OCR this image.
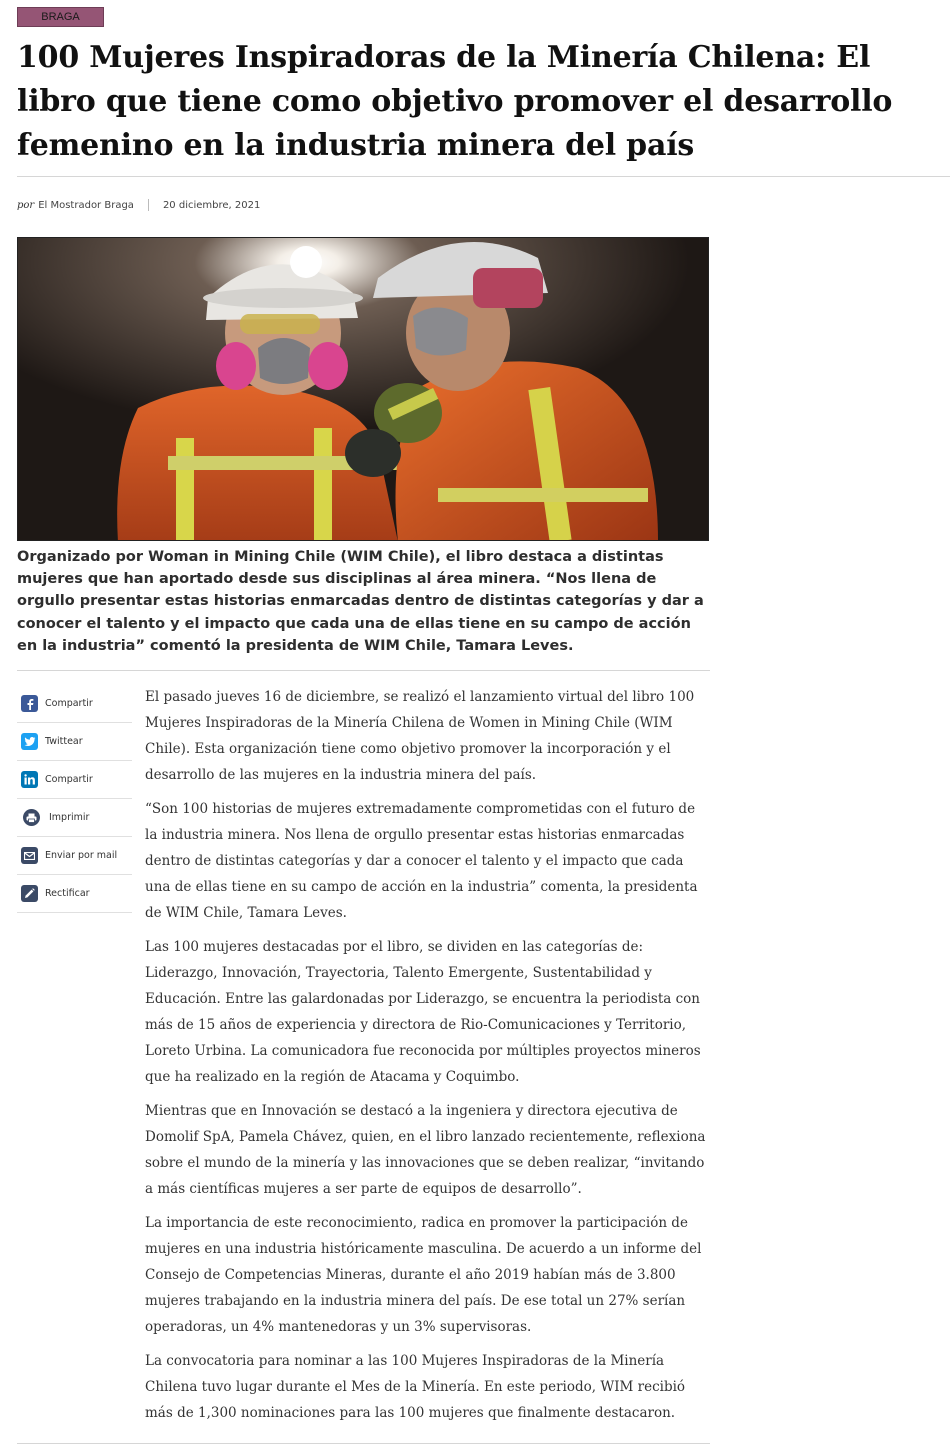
BRAGA
100 Mujeres Inspiradoras de la Minería Chilena: El libro que tiene como objetivo promover el desarrollo femenino en la industria minera del país
por El Mostrador Braga	20 diciembre, 2021

Organizado por Woman in Mining Chile (WIM Chile), el libro destaca a distintas mujeres que han aportado desde sus disciplinas al área minera. “Nos llena de orgullo presentar estas historias enmarcadas dentro de distintas categorías y dar a conocer el talento y el impacto que cada una de ellas tiene en su campo de acción en la industria” comentó la presidenta de WIM Chile, Tamara Leves.

Compartir
Twittear
Compartir
Imprimir
Enviar por mail
Rectificar

El pasado jueves 16 de diciembre, se realizó el lanzamiento virtual del libro 100 Mujeres Inspiradoras de la Minería Chilena de Women in Mining Chile (WIM Chile). Esta organización tiene como objetivo promover la incorporación y el desarrollo de las mujeres en la industria minera del país.

“Son 100 historias de mujeres extremadamente comprometidas con el futuro de la industria minera. Nos llena de orgullo presentar estas historias enmarcadas dentro de distintas categorías y dar a conocer el talento y el impacto que cada una de ellas tiene en su campo de acción en la industria” comenta, la presidenta de WIM Chile, Tamara Leves.

Las 100 mujeres destacadas por el libro, se dividen en las categorías de: Liderazgo, Innovación, Trayectoria, Talento Emergente, Sustentabilidad y Educación. Entre las galardonadas por Liderazgo, se encuentra la periodista con más de 15 años de experiencia y directora de Rio-Comunicaciones y Territorio, Loreto Urbina. La comunicadora fue reconocida por múltiples proyectos mineros que ha realizado en la región de Atacama y Coquimbo.

Mientras que en Innovación se destacó a la ingeniera y directora ejecutiva de Domolif SpA, Pamela Chávez, quien, en el libro lanzado recientemente, reflexiona sobre el mundo de la minería y las innovaciones que se deben realizar, “invitando a más científicas mujeres a ser parte de equipos de desarrollo”.

La importancia de este reconocimiento, radica en promover la participación de mujeres en una industria históricamente masculina. De acuerdo a un informe del Consejo de Competencias Mineras, durante el año 2019 habían más de 3.800 mujeres trabajando en la industria minera del país. De ese total un 27% serían operadoras, un 4% mantenedoras y un 3% supervisoras.

La convocatoria para nominar a las 100 Mujeres Inspiradoras de la Minería Chilena tuvo lugar durante el Mes de la Minería. En este periodo, WIM recibió más de 1,300 nominaciones para las 100 mujeres que finalmente destacaron.
